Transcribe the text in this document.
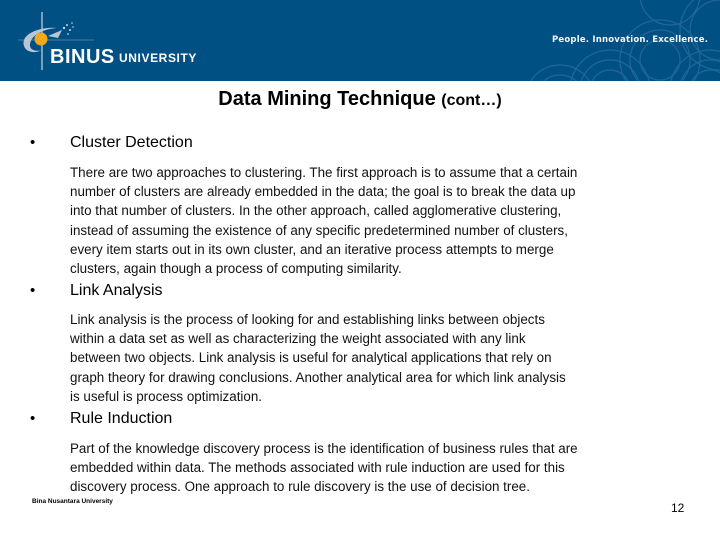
BINUS UNIVERSITY
People. Innovation. Excellence.
Data Mining Technique (cont…)
• Cluster Detection
There are two approaches to clustering. The first approach is to assume that a certain
number of clusters are already embedded in the data; the goal is to break the data up
into that number of clusters. In the other approach, called agglomerative clustering,
instead of assuming the existence of any specific predetermined number of clusters,
every item starts out in its own cluster, and an iterative process attempts to merge
clusters, again though a process of computing similarity.
• Link Analysis
Link analysis is the process of looking for and establishing links between objects
within a data set as well as characterizing the weight associated with any link
between two objects. Link analysis is useful for analytical applications that rely on
graph theory for drawing conclusions. Another analytical area for which link analysis
is useful is process optimization.
• Rule Induction
Part of the knowledge discovery process is the identification of business rules that are
embedded within data. The methods associated with rule induction are used for this
discovery process. One approach to rule discovery is the use of decision tree.
Bina Nusantara University	12
